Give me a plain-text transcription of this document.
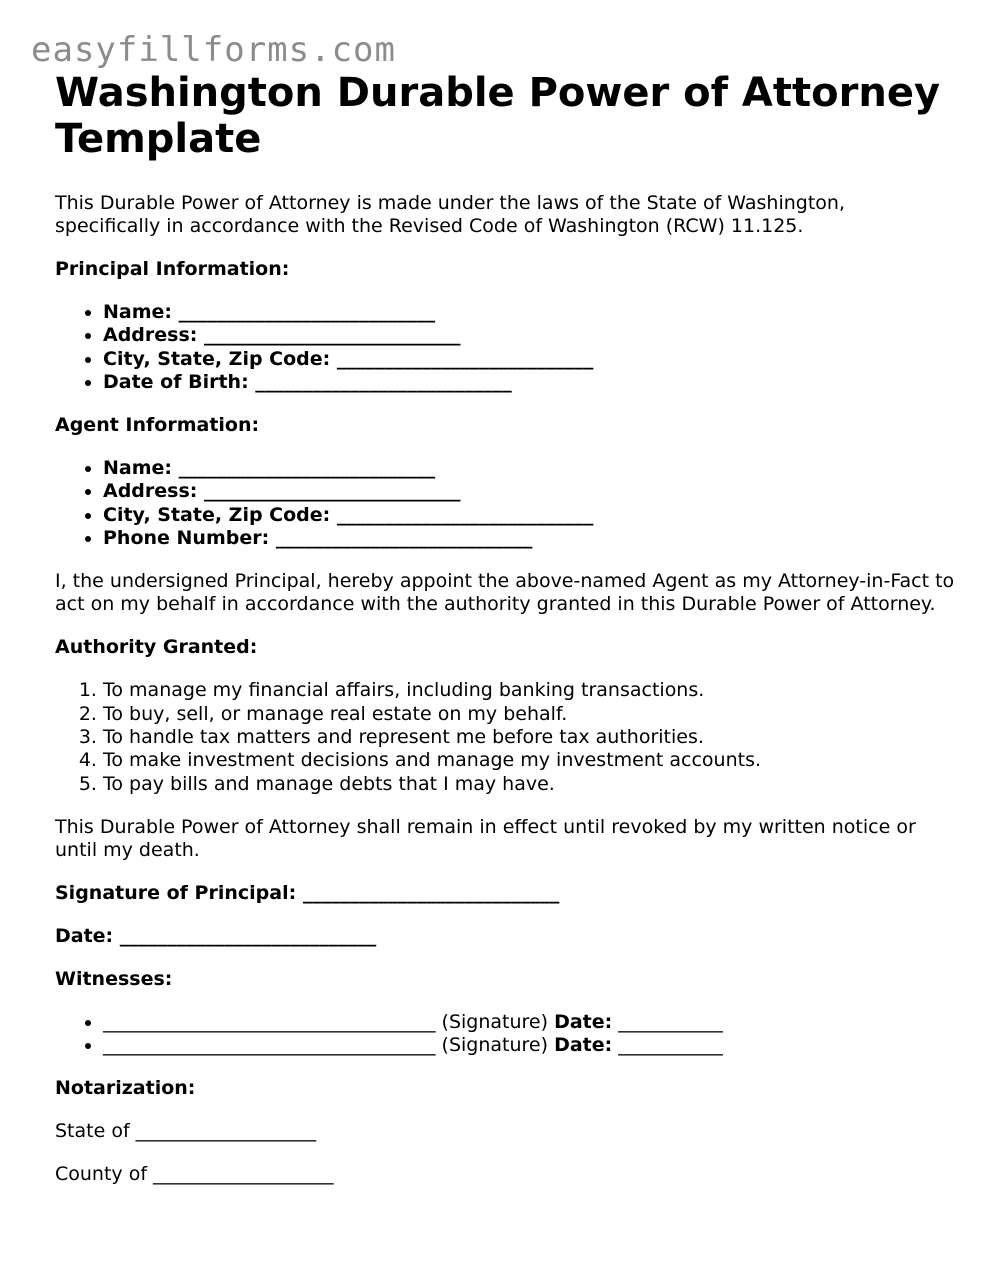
easyfillforms.com
Washington Durable Power of Attorney Template

This Durable Power of Attorney is made under the laws of the State of Washington, specifically in accordance with the Revised Code of Washington (RCW) 11.125.

Principal Information:

• Name: ___________________________
• Address: ___________________________
• City, State, Zip Code: ___________________________
• Date of Birth: ___________________________

Agent Information:

• Name: ___________________________
• Address: ___________________________
• City, State, Zip Code: ___________________________
• Phone Number: ___________________________

I, the undersigned Principal, hereby appoint the above-named Agent as my Attorney-in-Fact to act on my behalf in accordance with the authority granted in this Durable Power of Attorney.

Authority Granted:

1. To manage my financial affairs, including banking transactions.
2. To buy, sell, or manage real estate on my behalf.
3. To handle tax matters and represent me before tax authorities.
4. To make investment decisions and manage my investment accounts.
5. To pay bills and manage debts that I may have.

This Durable Power of Attorney shall remain in effect until revoked by my written notice or until my death.

Signature of Principal: ___________________________

Date: ___________________________

Witnesses:

• ___________________________________ (Signature) Date: ___________
• ___________________________________ (Signature) Date: ___________

Notarization:

State of ___________________

County of ___________________
